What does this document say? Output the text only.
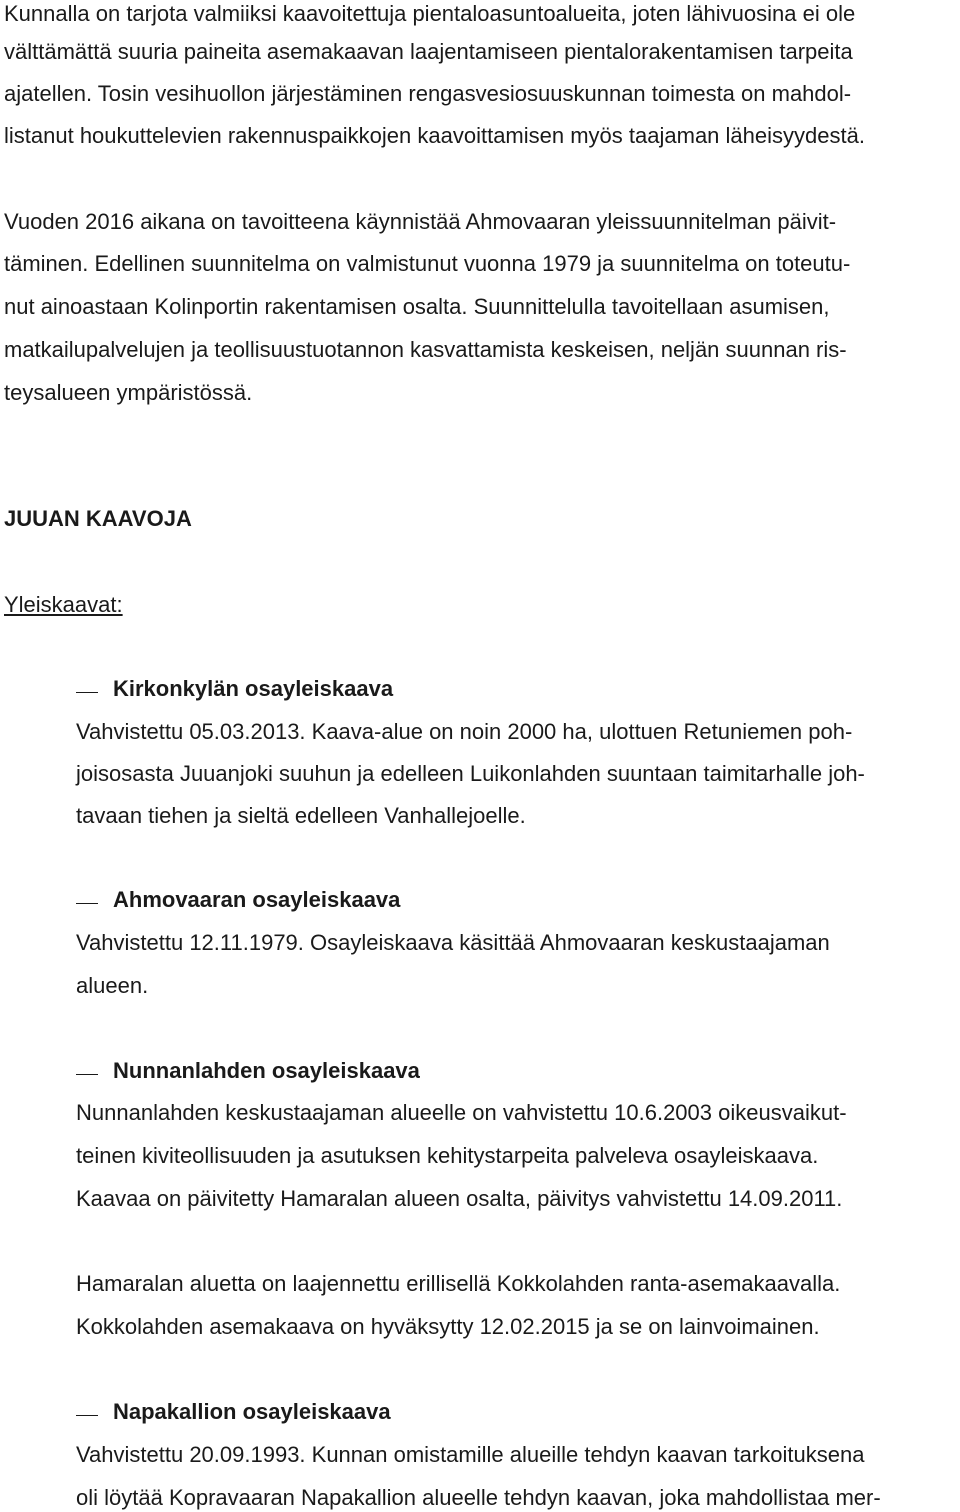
Kunnalla on tarjota valmiiksi kaavoitettuja pientaloasuntoalueita, joten lähivuosina ei ole
välttämättä suuria paineita asemakaavan laajentamiseen pientalorakentamisen tarpeita
ajatellen. Tosin vesihuollon järjestäminen rengasvesiosuuskunnan toimesta on mahdol-
listanut houkuttelevien rakennuspaikkojen kaavoittamisen myös taajaman läheisyydestä.
Vuoden 2016 aikana on tavoitteena käynnistää Ahmovaaran yleissuunnitelman päivit-
täminen. Edellinen suunnitelma on valmistunut vuonna 1979 ja suunnitelma on toteutu-
nut ainoastaan Kolinportin rakentamisen osalta. Suunnittelulla tavoitellaan asumisen,
matkailupalvelujen ja teollisuustuotannon kasvattamista keskeisen, neljän suunnan ris-
teysalueen ympäristössä.
JUUAN KAAVOJA
Yleiskaavat:
Kirkonkylän osayleiskaava
Vahvistettu 05.03.2013. Kaava-alue on noin 2000 ha, ulottuen Retuniemen poh-
joisosasta Juuanjoki suuhun ja edelleen Luikonlahden suuntaan taimitarhalle joh-
tavaan tiehen ja sieltä edelleen Vanhallejoelle.
Ahmovaaran osayleiskaava
Vahvistettu 12.11.1979. Osayleiskaava käsittää Ahmovaaran keskustaajaman
alueen.
Nunnanlahden osayleiskaava
Nunnanlahden keskustaajaman alueelle on vahvistettu 10.6.2003 oikeusvaikut-
teinen kiviteollisuuden ja asutuksen kehitystarpeita palveleva osayleiskaava.
Kaavaa on päivitetty Hamaralan alueen osalta, päivitys vahvistettu 14.09.2011.
Hamaralan aluetta on laajennettu erillisellä Kokkolahden ranta-asemakaavalla.
Kokkolahden asemakaava on hyväksytty 12.02.2015 ja se on lainvoimainen.
Napakallion osayleiskaava
Vahvistettu 20.09.1993. Kunnan omistamille alueille tehdyn kaavan tarkoituksena
oli löytää Kopravaaran Napakallion alueelle tehdyn kaavan, joka mahdollistaa mer-
